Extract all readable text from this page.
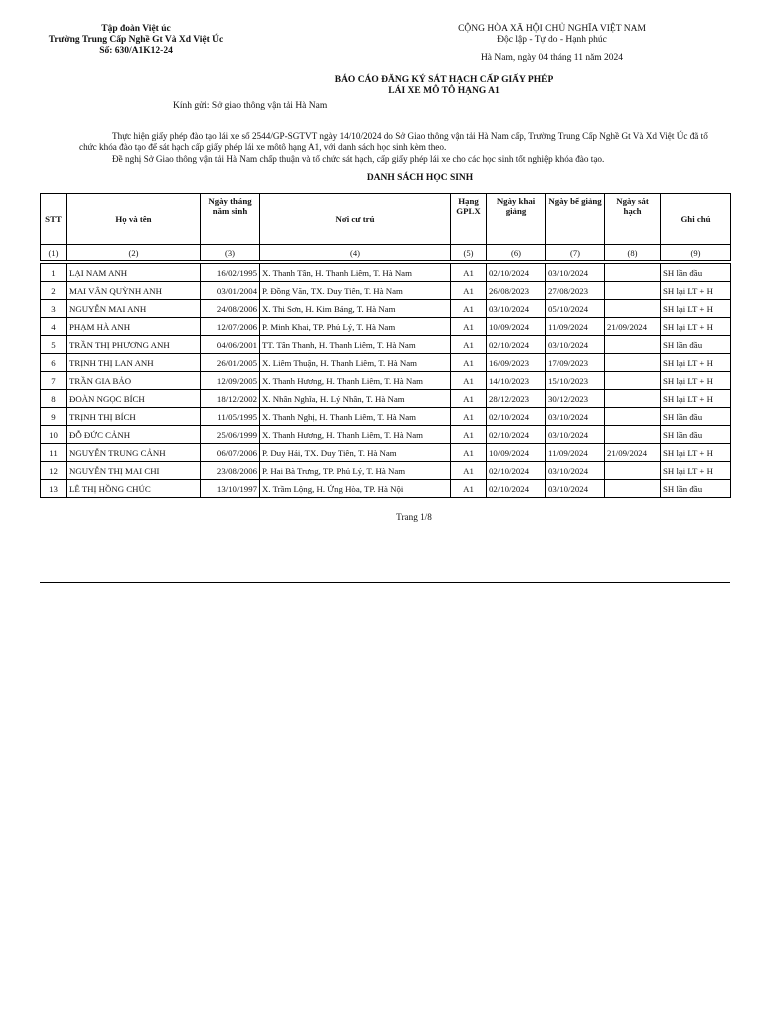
Tập đoàn Việt úc
Trường Trung Cấp Nghề Gt Và Xd Việt Úc
Số: 630/A1K12-24
CỘNG HÒA XÃ HỘI CHỦ NGHĨA VIỆT NAM
Độc lập - Tự do - Hạnh phúc
Hà Nam, ngày 04 tháng 11 năm 2024
BÁO CÁO ĐĂNG KÝ SÁT HẠCH CẤP GIẤY PHÉP
LÁI XE MÔ TÔ HẠNG A1
Kính gửi: Sở giao thông vận tải Hà Nam

Thực hiện giấy phép đào tạo lái xe số 2544/GP-SGTVT ngày 14/10/2024 do Sở Giao thông vận tải Hà Nam cấp, Trường Trung Cấp Nghề Gt Và Xd Việt Úc đã tổ chức khóa đào tạo để sát hạch cấp giấy phép lái xe môtô hạng A1, với danh sách học sinh kèm theo.

Đề nghị Sở Giao thông vận tải Hà Nam chấp thuận và tổ chức sát hạch, cấp giấy phép lái xe cho các học sinh tốt nghiệp khóa đào tạo.

DANH SÁCH HỌC SINH
STT	Họ và tên	Ngày tháng năm sinh	Nơi cư trú	Hạng GPLX	Ngày khai giảng	Ngày bế giảng	Ngày sát hạch	Ghi chú
(1)	(2)	(3)	(4)	(5)	(6)	(7)	(8)	(9)

1	LẠI NAM ANH	16/02/1995	X. Thanh Tân, H. Thanh Liêm, T. Hà Nam	A1	02/10/2024	03/10/2024		SH lần đầu
2	MAI VÂN QUỲNH ANH	03/01/2004	P. Đồng Văn, TX. Duy Tiên, T. Hà Nam	A1	26/08/2023	27/08/2023		SH lại LT + H
3	NGUYỄN MAI ANH	24/08/2006	X. Thi Sơn, H. Kim Bảng, T. Hà Nam	A1	03/10/2024	05/10/2024		SH lại LT + H
4	PHẠM HÀ ANH	12/07/2006	P. Minh Khai, TP. Phủ Lý, T. Hà Nam	A1	10/09/2024	11/09/2024	21/09/2024	SH lại LT + H
5	TRẦN THỊ PHƯƠNG ANH	04/06/2001	TT. Tân Thanh, H. Thanh Liêm, T. Hà Nam	A1	02/10/2024	03/10/2024		SH lần đầu
6	TRỊNH THỊ LAN ANH	26/01/2005	X. Liêm Thuận, H. Thanh Liêm, T. Hà Nam	A1	16/09/2023	17/09/2023		SH lại LT + H
7	TRẦN GIA BẢO	12/09/2005	X. Thanh Hương, H. Thanh Liêm, T. Hà Nam	A1	14/10/2023	15/10/2023		SH lại LT + H
8	ĐOÀN NGỌC BÍCH	18/12/2002	X. Nhân Nghĩa, H. Lý Nhân, T. Hà Nam	A1	28/12/2023	30/12/2023		SH lại LT + H
9	TRỊNH THỊ BÍCH	11/05/1995	X. Thanh Nghị, H. Thanh Liêm, T. Hà Nam	A1	02/10/2024	03/10/2024		SH lần đầu
10	ĐỖ ĐỨC CẢNH	25/06/1999	X. Thanh Hương, H. Thanh Liêm, T. Hà Nam	A1	02/10/2024	03/10/2024		SH lần đầu
11	NGUYỄN TRUNG CẢNH	06/07/2006	P. Duy Hải, TX. Duy Tiên, T. Hà Nam	A1	10/09/2024	11/09/2024	21/09/2024	SH lại LT + H
12	NGUYỄN THỊ MAI CHI	23/08/2006	P. Hai Bà Trưng, TP. Phủ Lý, T. Hà Nam	A1	02/10/2024	03/10/2024		SH lại LT + H
13	LÊ THỊ HỒNG CHÚC	13/10/1997	X. Trầm Lộng, H. Ứng Hòa, TP. Hà Nội	A1	02/10/2024	03/10/2024		SH lần đầu
Trang 1/8
